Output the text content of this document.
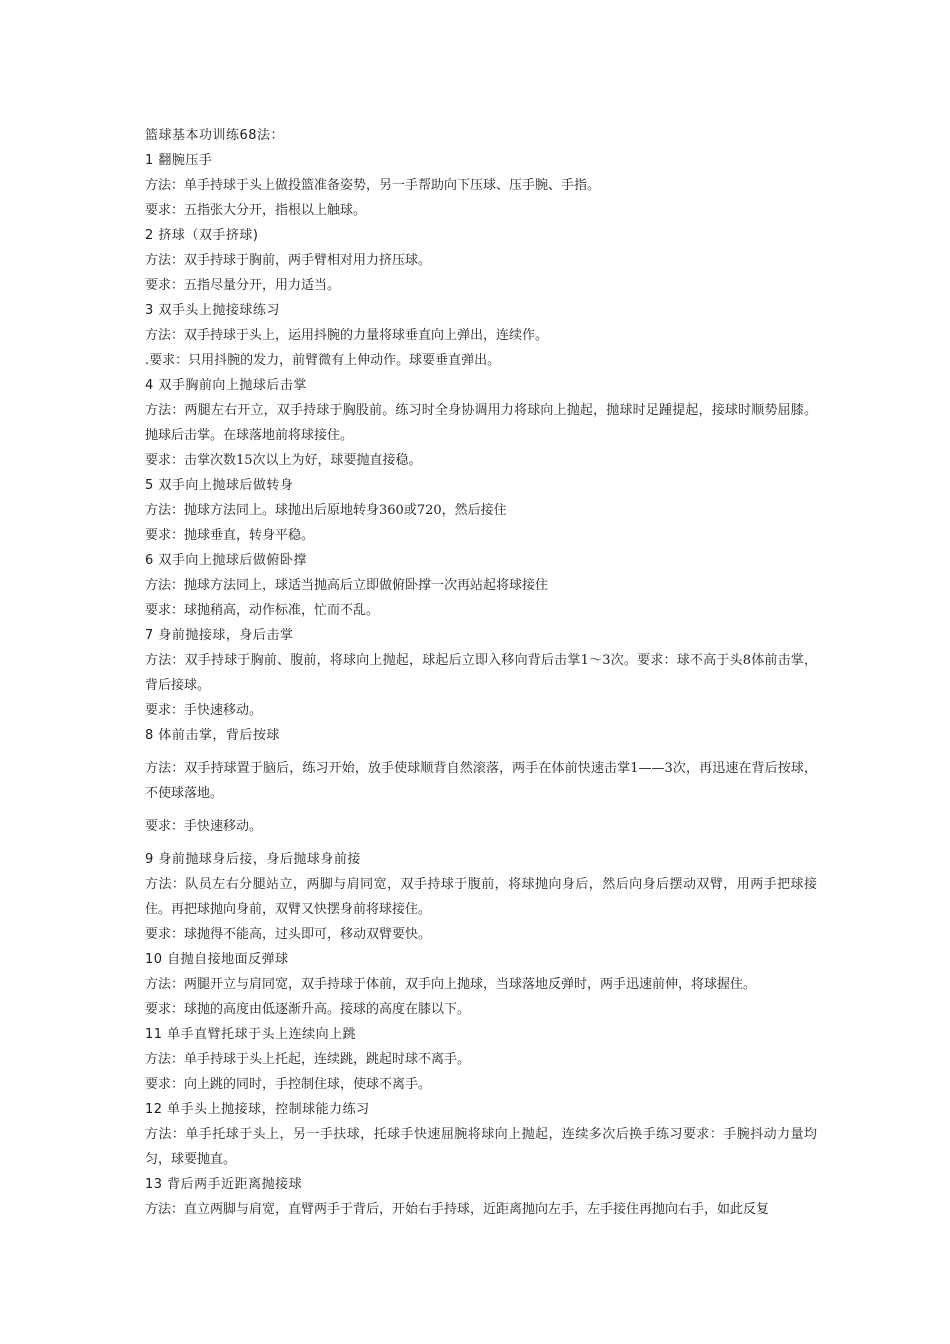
篮球基本功训练68法：
1 翻腕压手
方法：单手持球于头上做投篮准备姿势，另一手帮助向下压球、压手腕、手指。
要求：五指张大分开，指根以上触球。
2 挤球（双手挤球)
方法：双手持球于胸前，两手臂相对用力挤压球。
要求：五指尽量分开，用力适当。
3 双手头上抛接球练习
方法：双手持球于头上，运用抖腕的力量将球垂直向上弹出，连续作。
.要求：只用抖腕的发力，前臂微有上伸动作。球要垂直弹出。
4 双手胸前向上抛球后击掌
方法：两腿左右开立，双手持球于胸股前。练习时全身协调用力将球向上抛起，抛球时足踵提起，接球时顺势屈膝。抛球后击掌。在球落地前将球接住。
要求：击掌次数15次以上为好，球要抛直接稳。
5 双手向上抛球后做转身
方法：抛球方法同上。球抛出后原地转身360或720，然后接住
要求：抛球垂直，转身平稳。
6 双手向上抛球后做俯卧撑
方法：抛球方法同上，球适当抛高后立即做俯卧撑一次再站起将球接住
要求：球抛稍高，动作标准，忙而不乱。
7 身前抛接球，身后击掌
方法：双手持球于胸前、腹前，将球向上抛起，球起后立即入移向背后击掌1～3次。要求：球不高于头8体前击掌，背后接球。
要求：手快速移动。
8 体前击掌，背后按球
方法：双手持球置于脑后，练习开始，放手使球顺背自然滚落，两手在体前快速击掌1——3次，再迅速在背后按球，不使球落地。
要求：手快速移动。
9 身前抛球身后接，身后抛球身前接
方法：队员左右分腿站立，两脚与肩同宽，双手持球于腹前，将球抛向身后，然后向身后摆动双臂，用两手把球接住。再把球抛向身前，双臂又快摆身前将球接住。
要求：球抛得不能高，过头即可，移动双臂要快。
10 自抛自接地面反弹球
方法：两腿开立与肩同宽，双手持球于体前，双手向上抛球，当球落地反弹时，两手迅速前伸，将球握住。
要求：球抛的高度由低逐渐升高。接球的高度在膝以下。
11 单手直臂托球于头上连续向上跳
方法：单手持球于头上托起，连续跳，跳起时球不离手。
要求：向上跳的同时，手控制住球，使球不离手。
12 单手头上抛接球，控制球能力练习
方法：单手托球于头上，另一手扶球，托球手快速屈腕将球向上抛起，连续多次后换手练习要求：手腕抖动力量均匀，球要抛直。
13 背后两手近距离抛接球
方法：直立两脚与肩宽，直臂两手于背后，开始右手持球，近距离抛向左手，左手接住再抛向右手，如此反复
